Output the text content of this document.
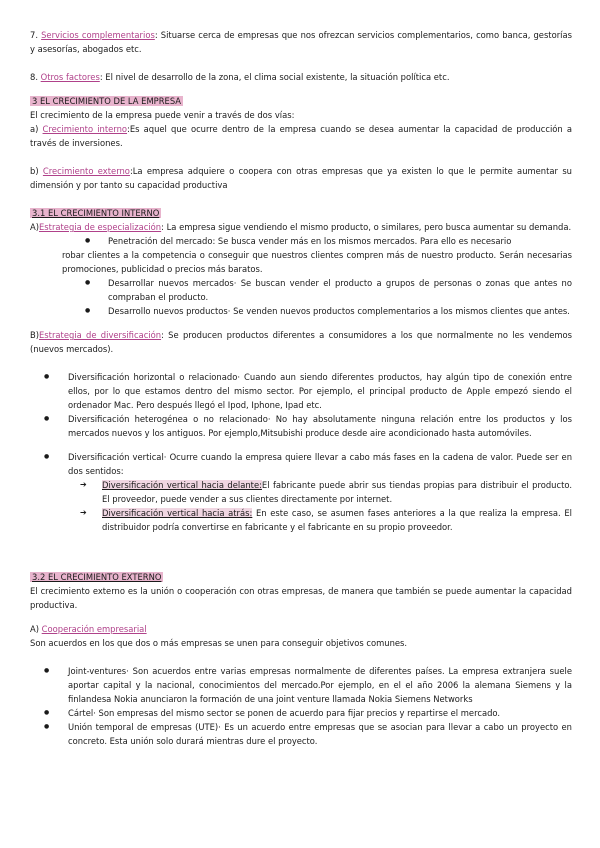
7. Servicios complementarios: Situarse cerca de empresas que nos ofrezcan servicios complementarios, como banca, gestorías y asesorías, abogados etc.

8. Otros factores: El nivel de desarrollo de la zona, el clima social existente, la situación política etc.

3 EL CRECIMIENTO DE LA EMPRESA

El crecimiento de la empresa puede venir a través de dos vías:

a) Crecimiento interno:Es aquel que ocurre dentro de la empresa cuando se desea aumentar la capacidad de producción a través de inversiones.

b) Crecimiento externo:La empresa adquiere o coopera con otras empresas que ya existen lo que le permite aumentar su dimensión y por tanto su capacidad productiva

3.1 EL CRECIMIENTO INTERNO

A)Estrategia de especialización: La empresa sigue vendiendo el mismo producto, o similares, pero busca aumentar su demanda.

● Penetración del mercado: Se busca vender más en los mismos mercados. Para ello es necesario

robar clientes a la competencia o conseguir que nuestros clientes compren más de nuestro producto. Serán necesarias promociones, publicidad o precios más baratos.

● Desarrollar nuevos mercados· Se buscan vender el producto a grupos de personas o zonas que antes no compraban el producto.
● Desarrollo nuevos productos· Se venden nuevos productos complementarios a los mismos clientes que antes.

B)Estrategia de diversificación: Se producen productos diferentes a consumidores a los que normalmente no les vendemos (nuevos mercados).

● Diversificación horizontal o relacionado· Cuando aun siendo diferentes productos, hay algún tipo de conexión entre ellos, por lo que estamos dentro del mismo sector. Por ejemplo, el principal producto de Apple empezó siendo el ordenador Mac. Pero después llegó el Ipod, Iphone, Ipad etc.
● Diversificación heterogénea o no relacionado· No hay absolutamente ninguna relación entre los productos y los mercados nuevos y los antiguos. Por ejemplo,Mitsubishi produce desde aire acondicionado hasta automóviles.
● Diversificación vertical· Ocurre cuando la empresa quiere llevar a cabo más fases en la cadena de valor. Puede ser en dos sentidos:
➔ Diversificación vertical hacia delante:El fabricante puede abrir sus tiendas propias para distribuir el producto. El proveedor, puede vender a sus clientes directamente por internet.
➔ Diversificación vertical hacia atrás: En este caso, se asumen fases anteriores a la que realiza la empresa. El distribuidor podría convertirse en fabricante y el fabricante en su propio proveedor.

3.2 EL CRECIMIENTO EXTERNO

El crecimiento externo es la unión o cooperación con otras empresas, de manera que también se puede aumentar la capacidad productiva.

A) Cooperación empresarial

Son acuerdos en los que dos o más empresas se unen para conseguir objetivos comunes.

● Joint-ventures· Son acuerdos entre varias empresas normalmente de diferentes países. La empresa extranjera suele aportar capital y la nacional, conocimientos del mercado.Por ejemplo, en el el año 2006 la alemana Siemens y la finlandesa Nokia anunciaron la formación de una joint venture llamada Nokia Siemens Networks
● Cártel· Son empresas del mismo sector se ponen de acuerdo para fijar precios y repartirse el mercado.
● Unión temporal de empresas (UTE)· Es un acuerdo entre empresas que se asocian para llevar a cabo un proyecto en concreto. Esta unión solo durará mientras dure el proyecto.
